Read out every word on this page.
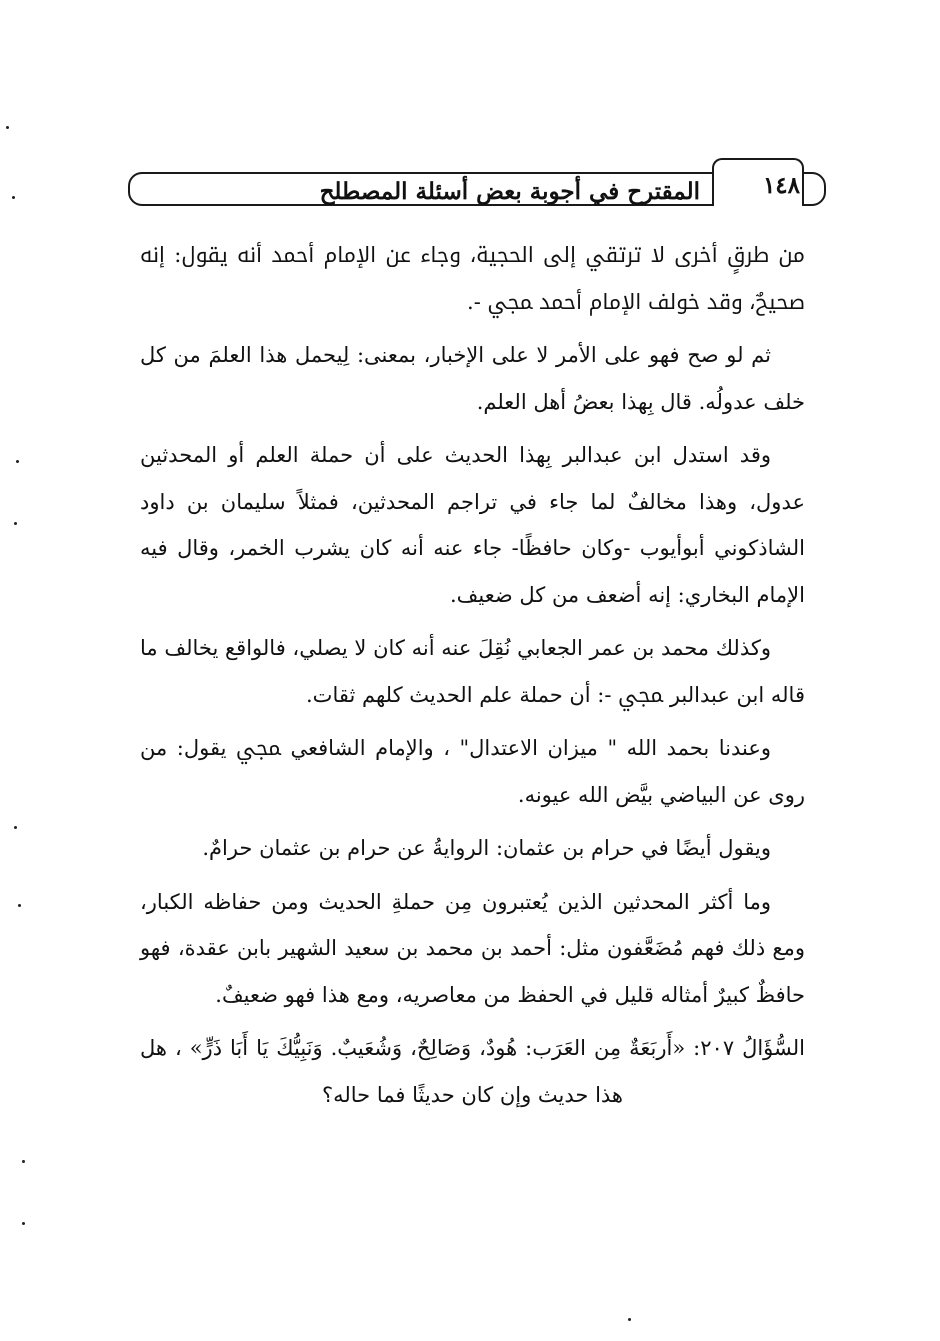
١٤٨
المقترح في أجوبة بعض أسئلة المصطلح

من طرقٍ أخرى لا ترتقي إلى الحجية، وجاء عن الإمام أحمد أنه يقول: إنه صحيحٌ، وقد خولف الإمام أحمد ﷀ -.

ثم لو صح فهو على الأمر لا على الإخبار، بمعنى: لِيحمل هذا العلمَ من كل خلف عدولُه. قال بِهذا بعضُ أهل العلم.

وقد استدل ابن عبدالبر بِهذا الحديث على أن حملة العلم أو المحدثين عدول، وهذا مخالفٌ لما جاء في تراجم المحدثين، فمثلاً سليمان بن داود الشاذكوني أبوأيوب -وكان حافظًا- جاء عنه أنه كان يشرب الخمر، وقال فيه الإمام البخاري: إنه أضعف من كل ضعيف.

وكذلك محمد بن عمر الجعابي نُقِلَ عنه أنه كان لا يصلي، فالواقع يخالف ما قاله ابن عبدالبر ﷀ -: أن حملة علم الحديث كلهم ثقات.

وعندنا بحمد الله " ميزان الاعتدال" ، والإمام الشافعي ﷀ يقول: من روى عن البياضي بيَّض الله عيونه.

ويقول أيضًا في حرام بن عثمان: الروايةُ عن حرام بن عثمان حرامٌ.

وما أكثر المحدثين الذين يُعتبرون مِن حملةِ الحديث ومن حفاظه الكبار، ومع ذلك فهم مُضَعَّفون مثل: أحمد بن محمد بن سعيد الشهير بابن عقدة، فهو حافظٌ كبيرٌ أمثاله قليل في الحفظ من معاصريه، ومع هذا فهو ضعيفٌ.

السُّؤَالُ ٢٠٧: «أَربَعَةٌ مِن العَرَب: هُودٌ، وَصَالِحٌ، وَشُعَيبٌ. وَنَبِيُّكَ يَا أَبَا ذَرٍّ» ، هل هذا حديث وإن كان حديثًا فما حاله؟
